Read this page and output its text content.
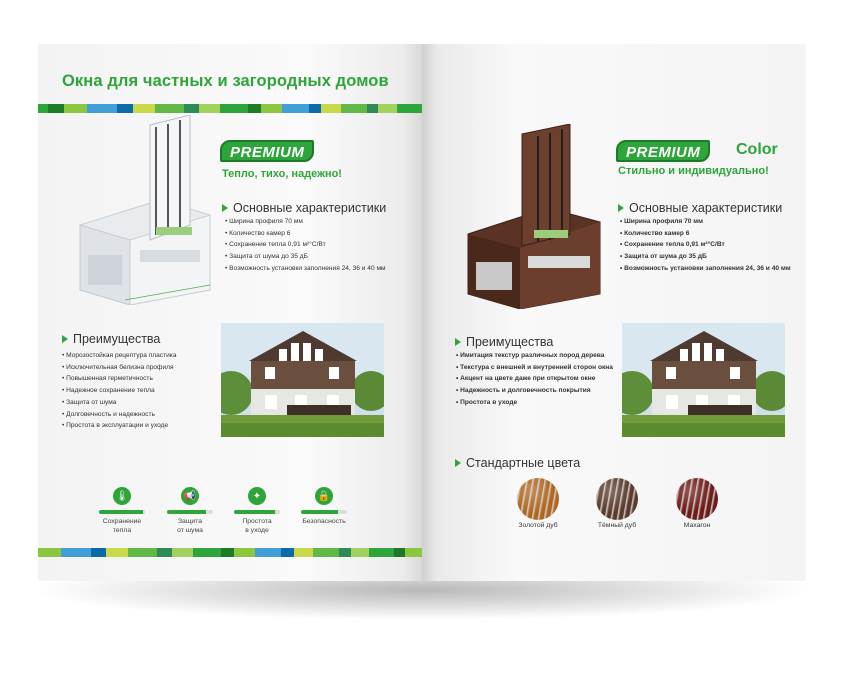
Окна для частных и загородных домов
PREMIUM
Тепло, тихо, надежно!
Основные характеристики
• Ширина профиля 70 мм
• Количество камер 6
• Сохранение тепла 0,91 м²°С/Вт
• Защита от шума до 35 дБ
• Возможность установки заполнения 24, 36 и 40 мм
Преимущества
• Морозостойкая рецептура пластика
• Исключительная белизна профиля
• Повышенная герметичность
• Надежное сохранение тепла
• Защита от шума
• Долговечность и надежность
• Простота в эксплуатации и уходе
🌡
Сохранение
тепла
📢
Защита
от шума
✦
Простота
в уходе
🔒
Безопасность
PREMIUM	Color
Стильно и индивидуально!
Основные характеристики
• Ширина профиля 70 мм
• Количество камер 6
• Сохранение тепла 0,91 м²°С/Вт
• Защита от шума до 35 дБ
• Возможность установки заполнения 24, 36 и 40 мм
Преимущества
• Имитация текстур различных пород дерева
• Текстура с внешней и внутренней сторон окна
• Акцент на цвете даже при открытом окне
• Надежность и долговечность покрытия
• Простота в уходе
Стандартные цвета
Золотой дуб	Тёмный дуб	Махагон
